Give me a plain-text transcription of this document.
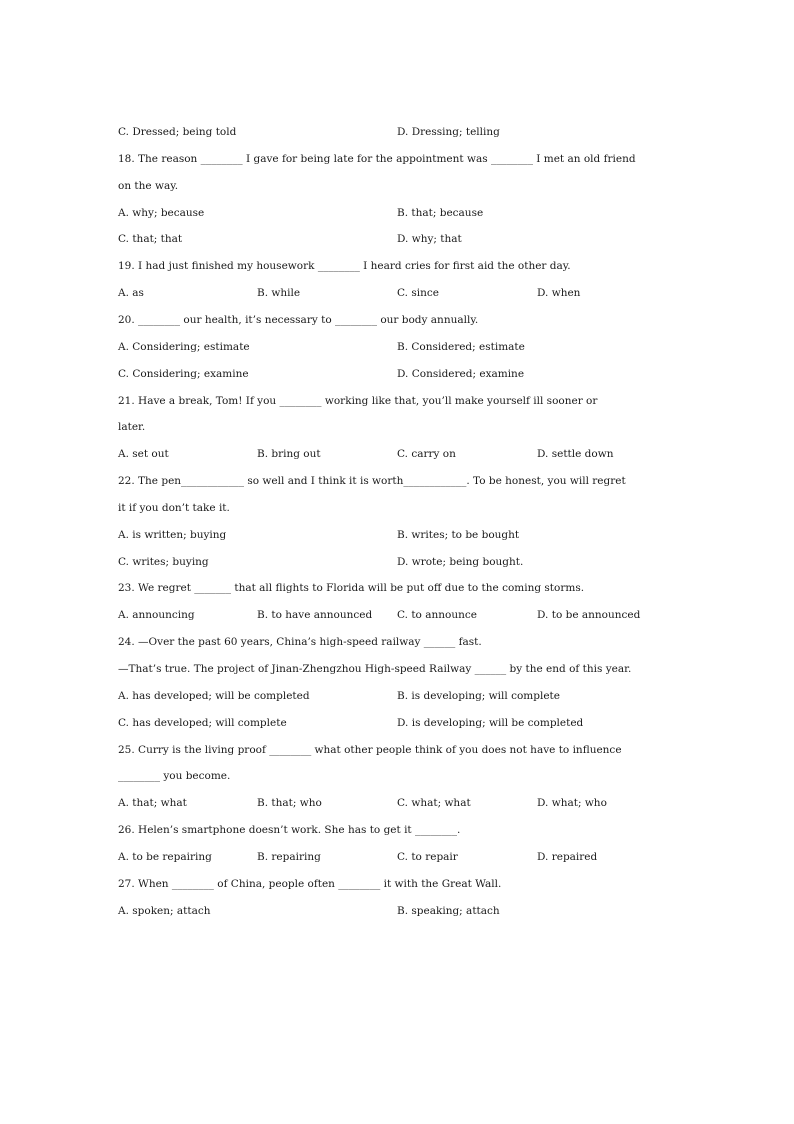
C. Dressed; being told	D. Dressing; telling
18. The reason ________ I gave for being late for the appointment was ________ I met an old friend
on the way.
A. why; because	B. that; because
C. that; that	D. why; that
19. I had just finished my housework ________ I heard cries for first aid the other day.
A. as	B. while	C. since	D. when
20. ________ our health, it’s necessary to ________ our body annually.
A. Considering; estimate	B. Considered; estimate
C. Considering; examine	D. Considered; examine
21. Have a break, Tom! If you ________ working like that, you’ll make yourself ill sooner or
later.
A. set out	B. bring out	C. carry on	D. settle down
22. The pen____________ so well and I think it is worth____________. To be honest, you will regret
it if you don’t take it.
A. is written; buying	B. writes; to be bought
C. writes; buying	D. wrote; being bought.
23. We regret _______ that all flights to Florida will be put off due to the coming storms.
A. announcing	B. to have announced C. to announce	D. to be announced
24. —Over the past 60 years, China’s high-speed railway ______ fast.
—That’s true. The project of Jinan-Zhengzhou High-speed Railway ______ by the end of this year.
A. has developed; will be completed	B. is developing; will complete
C. has developed; will complete	D. is developing; will be completed
25. Curry is the living proof ________ what other people think of you does not have to influence
________ you become.
A. that; what	B. that; who	C. what; what	D. what; who
26. Helen’s smartphone doesn’t work. She has to get it ________.
A. to be repairing	B. repairing	C. to repair	D. repaired
27. When ________ of China, people often ________ it with the Great Wall.
A. spoken; attach	B. speaking; attach
